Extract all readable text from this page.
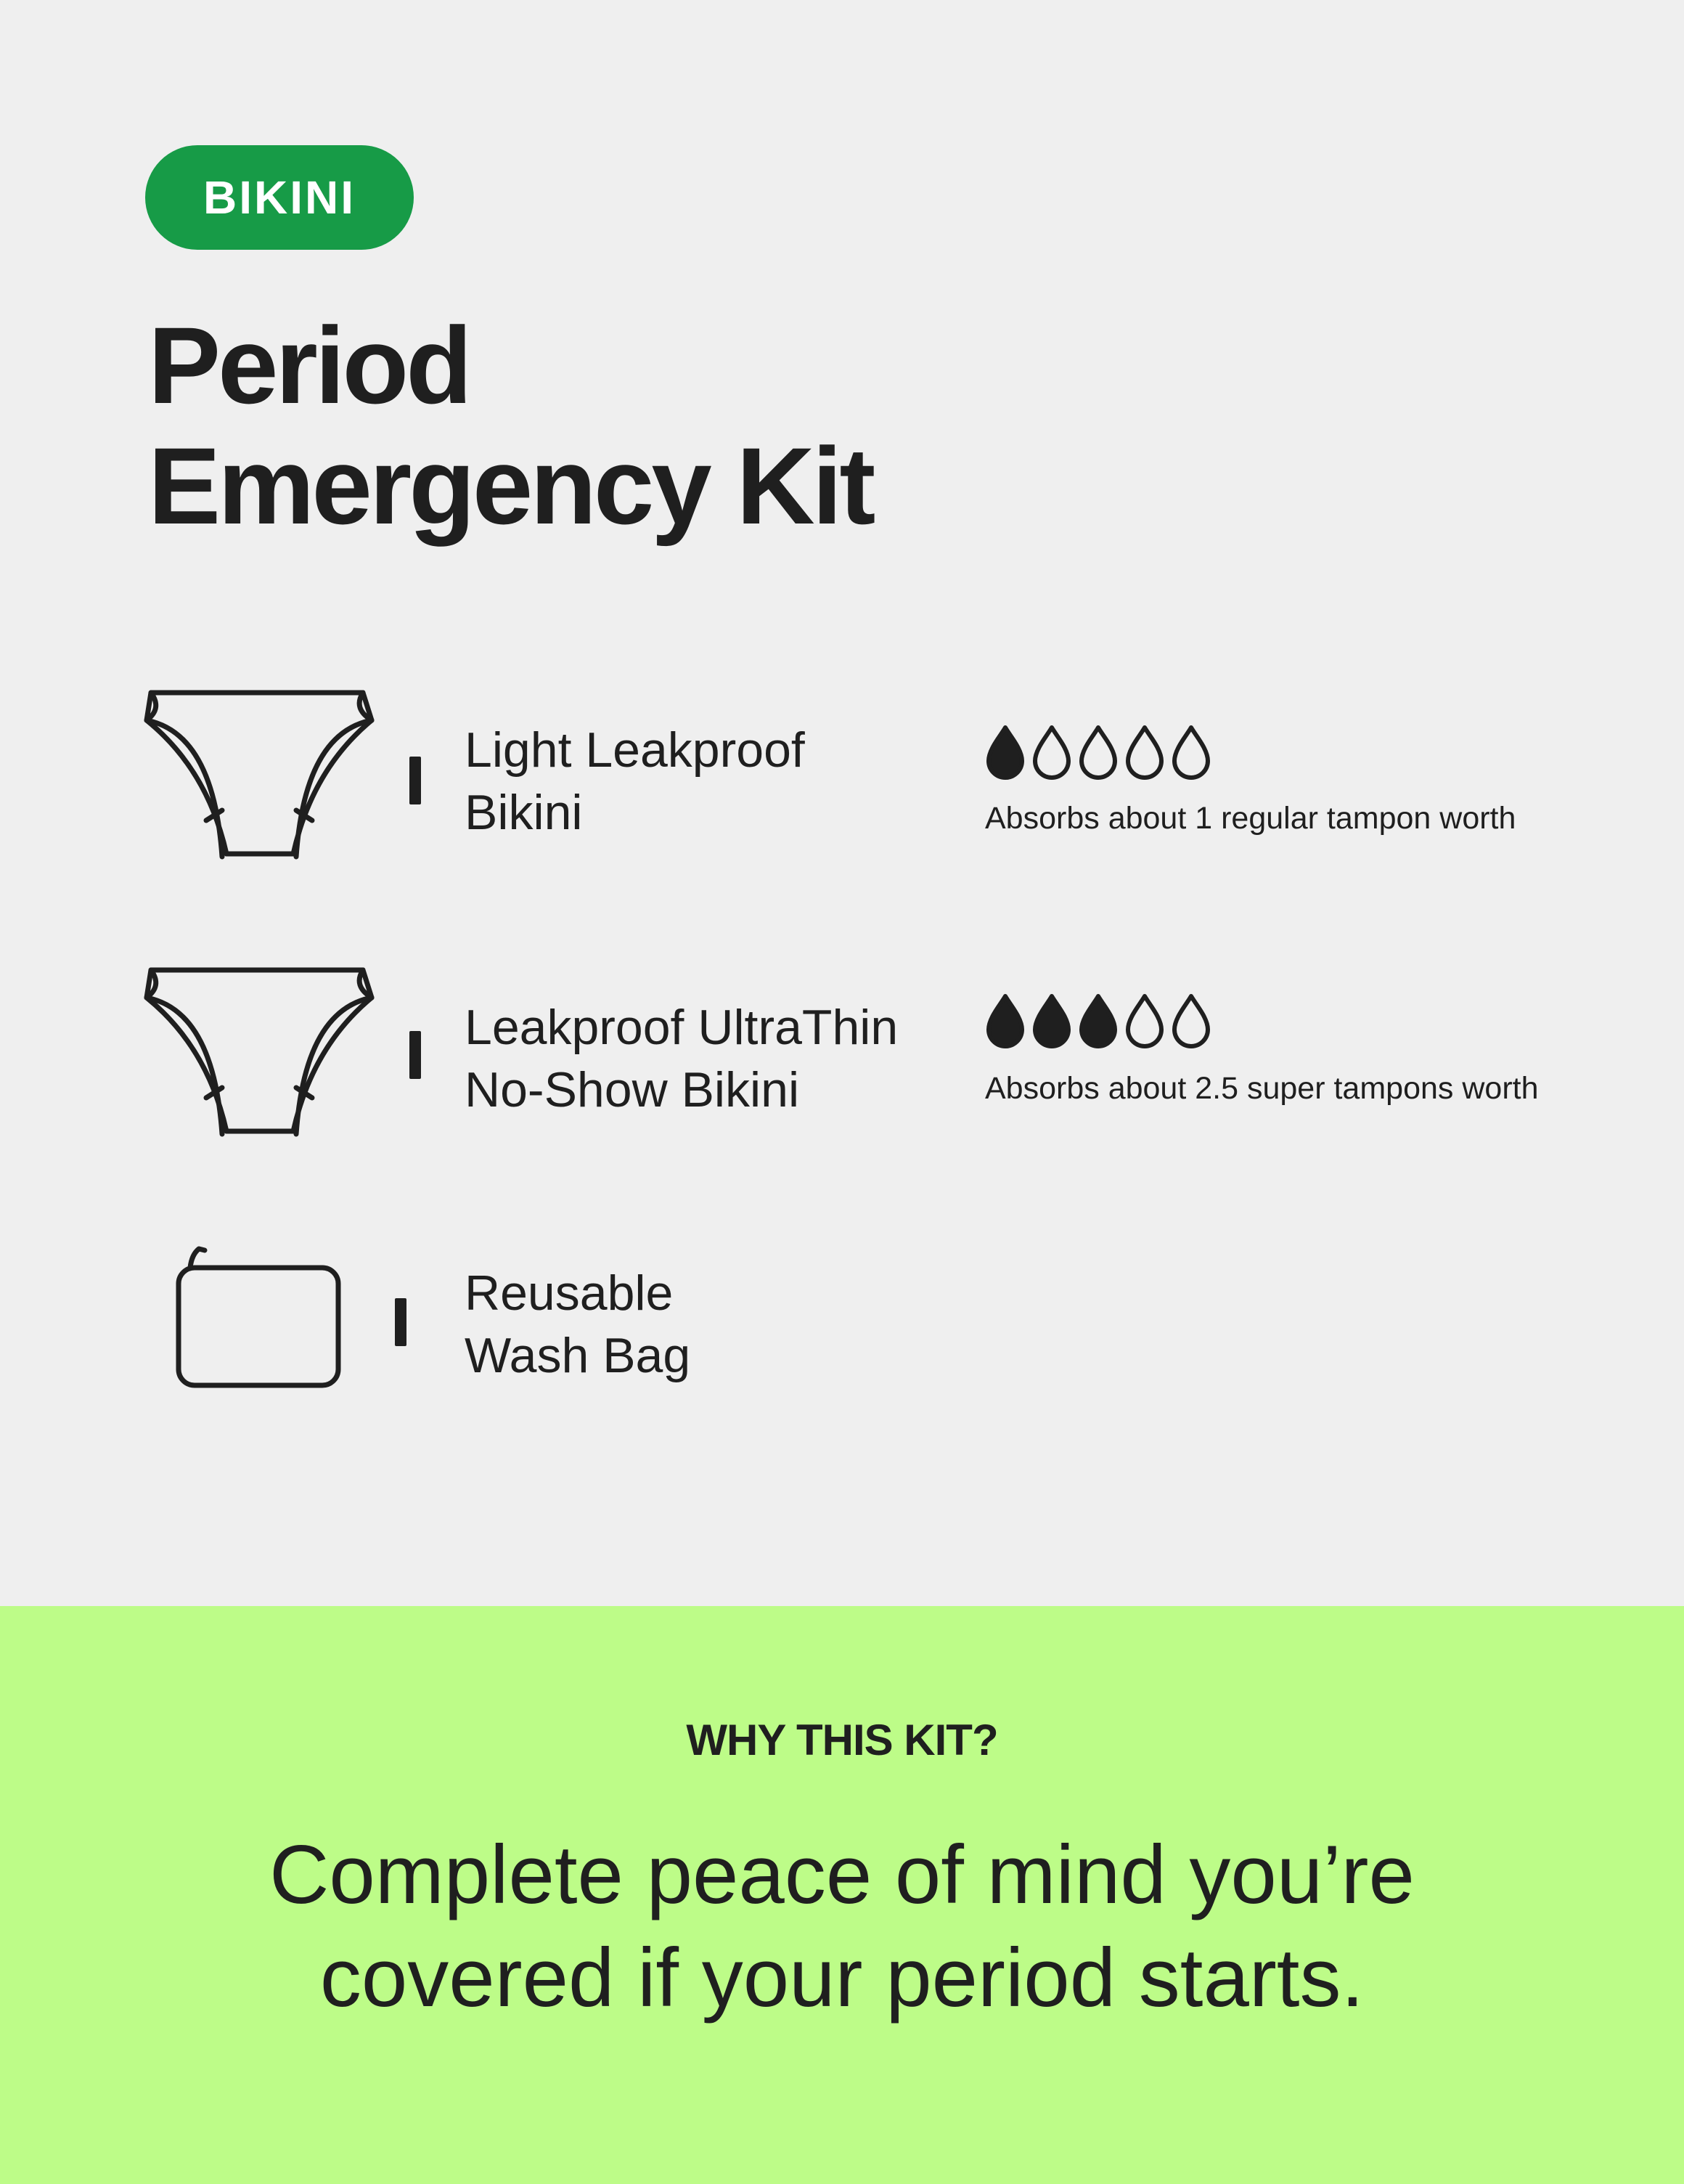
BIKINI
Period
Emergency Kit
Light Leakproof
Bikini	Absorbs about 1 regular tampon worth
Leakproof UltraThin
No-Show Bikini	Absorbs about 2.5 super tampons worth
Reusable
Wash Bag
WHY THIS KIT?
Complete peace of mind you’re
covered if your period starts.
